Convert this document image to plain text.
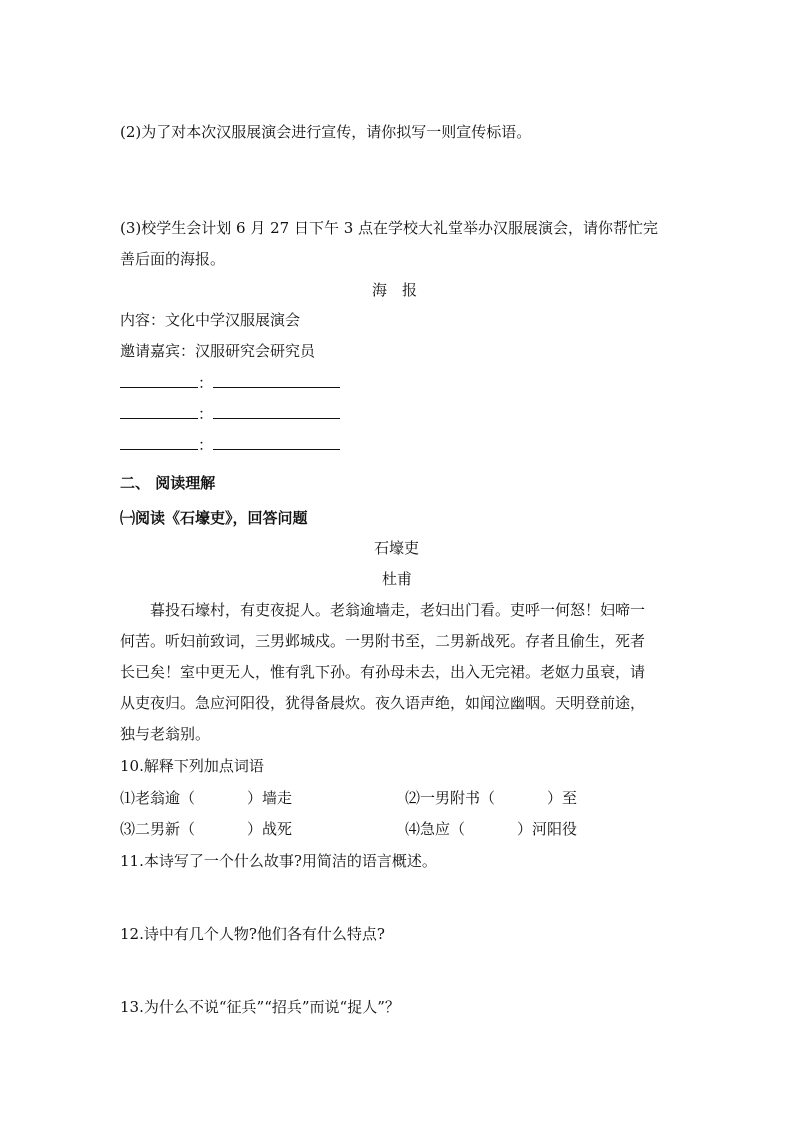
(2)为了对本次汉服展演会进行宣传，请你拟写一则宣传标语。
(3)校学生会计划 6 月 27 日下午 3 点在学校大礼堂举办汉服展演会，请你帮忙完
善后面的海报。
海　报
内容：文化中学汉服展演会
邀请嘉宾：汉服研究会研究员
：
：
：
二、 阅读理解
㈠阅读《石壕吏》，回答问题
石壕吏
杜甫
暮投石壕村，有吏夜捉人。老翁逾墙走，老妇出门看。吏呼一何怒！妇啼一
何苦。听妇前致词，三男邺城戍。一男附书至，二男新战死。存者且偷生，死者
长已矣！室中更无人，惟有乳下孙。有孙母未去，出入无完裙。老妪力虽衰，请
从吏夜归。急应河阳役，犹得备晨炊。夜久语声绝，如闻泣幽咽。天明登前途，
独与老翁别。
10.解释下列加点词语
⑴老翁逾（	）墙走	⑵一男附书（	）至
⑶二男新（	）战死	⑷急应（	）河阳役
11.本诗写了一个什么故事?用简洁的语言概述。
12.诗中有几个人物?他们各有什么特点?
13.为什么不说“征兵”“招兵”而说“捉人”？
